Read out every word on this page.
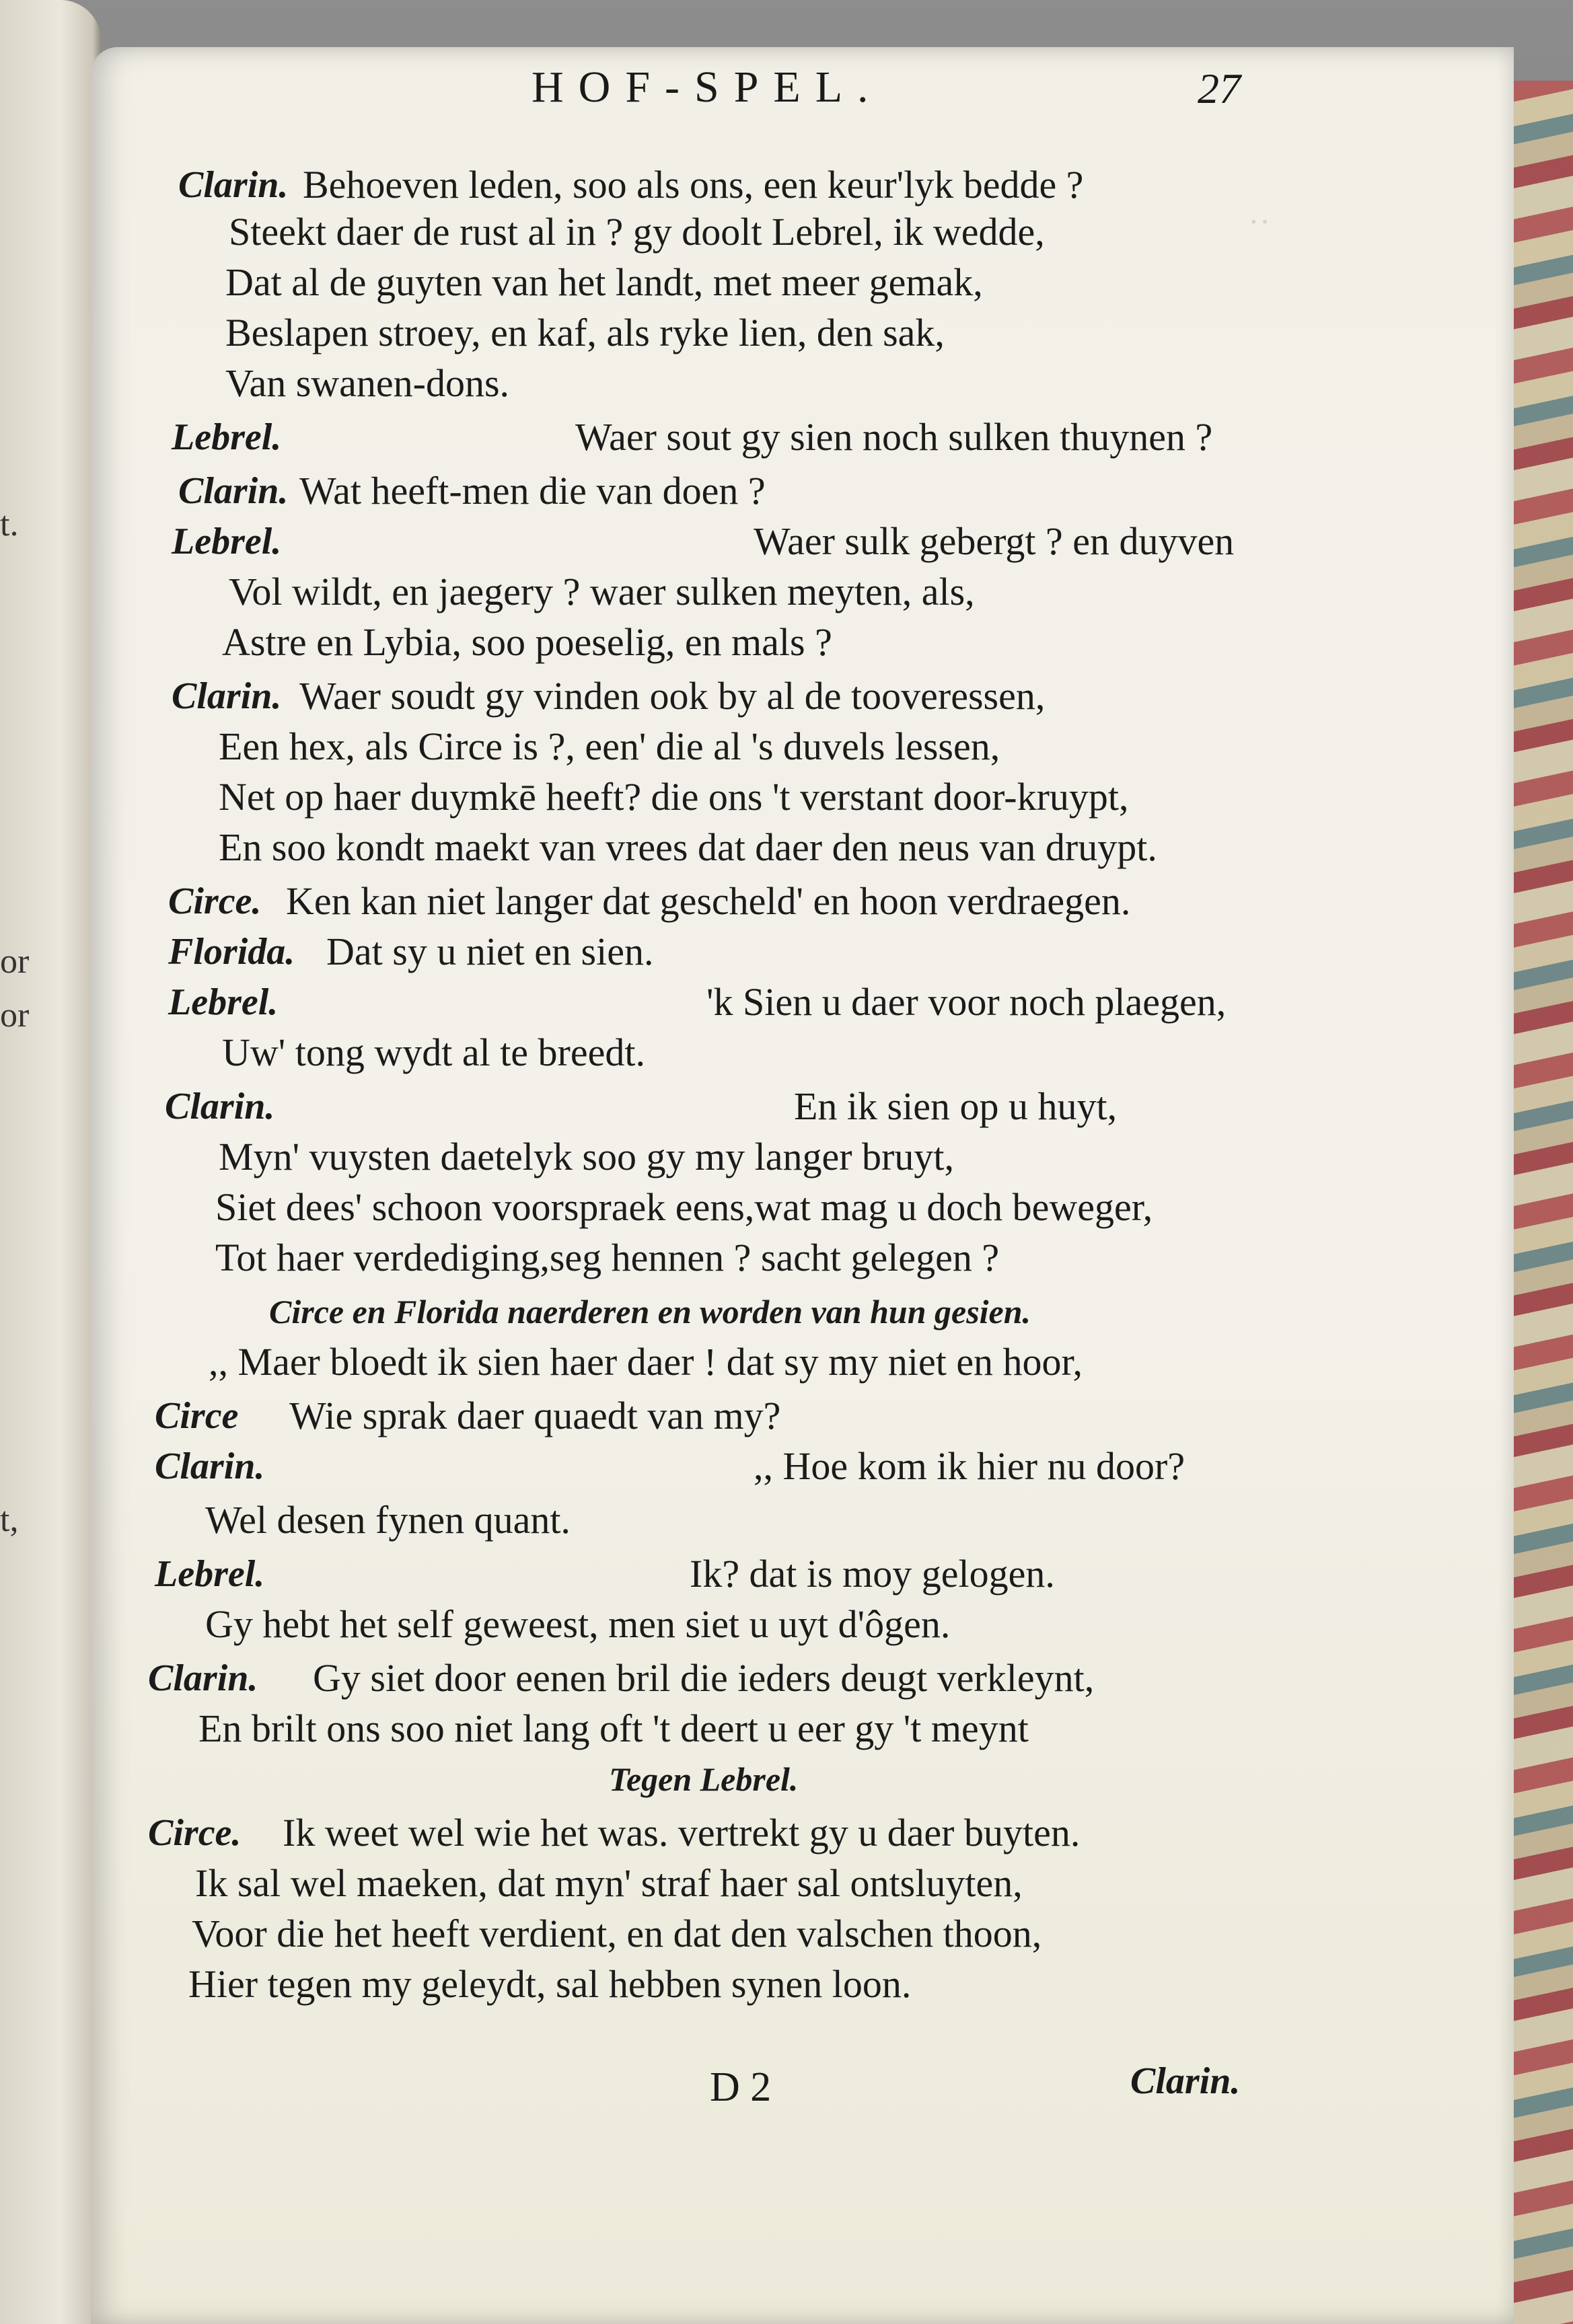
t.
t,
or
or
··
HOF-SPEL.	27
Clarin. Behoeven leden, soo als ons, een keur'lyk bedde ?
Steekt daer de rust al in ? gy doolt Lebrel, ik wedde,
Dat al de guyten van het landt, met meer gemak,
Beslapen stroey, en kaf, als ryke lien, den sak,
Van swanen-dons.
Lebrel.	Waer sout gy sien noch sulken thuynen ?
Clarin. Wat heeft-men die van doen ?
Lebrel.	Waer sulk gebergt ? en duyven
Vol wildt, en jaegery ? waer sulken meyten, als,
Astre en Lybia, soo poeselig, en mals ?
Clarin. Waer soudt gy vinden ook by al de tooveressen,
Een hex, als Circe is ?, een' die al 's duvels lessen,
Net op haer duymkē heeft? die ons 't verstant door-kruypt,
En soo kondt maekt van vrees dat daer den neus van druypt.
Circe. Ken kan niet langer dat gescheld' en hoon verdraegen.
Florida. Dat sy u niet en sien.
Lebrel.	'k Sien u daer voor noch plaegen,
Uw' tong wydt al te breedt.
Clarin.	En ik sien op u huyt,
Myn' vuysten daetelyk soo gy my langer bruyt,
Siet dees' schoon voorspraek eens,wat mag u doch beweger,
Tot haer verdediging,seg hennen ? sacht gelegen ?
Circe en Florida naerderen en worden van hun gesien.
,, Maer bloedt ik sien haer daer ! dat sy my niet en hoor,
Circe Wie sprak daer quaedt van my?
Clarin.	,, Hoe kom ik hier nu door?
Wel desen fynen quant.
Lebrel.	Ik? dat is moy gelogen.
Gy hebt het self geweest, men siet u uyt d'ôgen.
Clarin. Gy siet door eenen bril die ieders deugt verkleynt,
En brilt ons soo niet lang oft 't deert u eer gy 't meynt
Tegen Lebrel.
Circe. Ik weet wel wie het was. vertrekt gy u daer buyten.
Ik sal wel maeken, dat myn' straf haer sal ontsluyten,
Voor die het heeft verdient, en dat den valschen thoon,
Hier tegen my geleydt, sal hebben synen loon.
D 2	Clarin.
